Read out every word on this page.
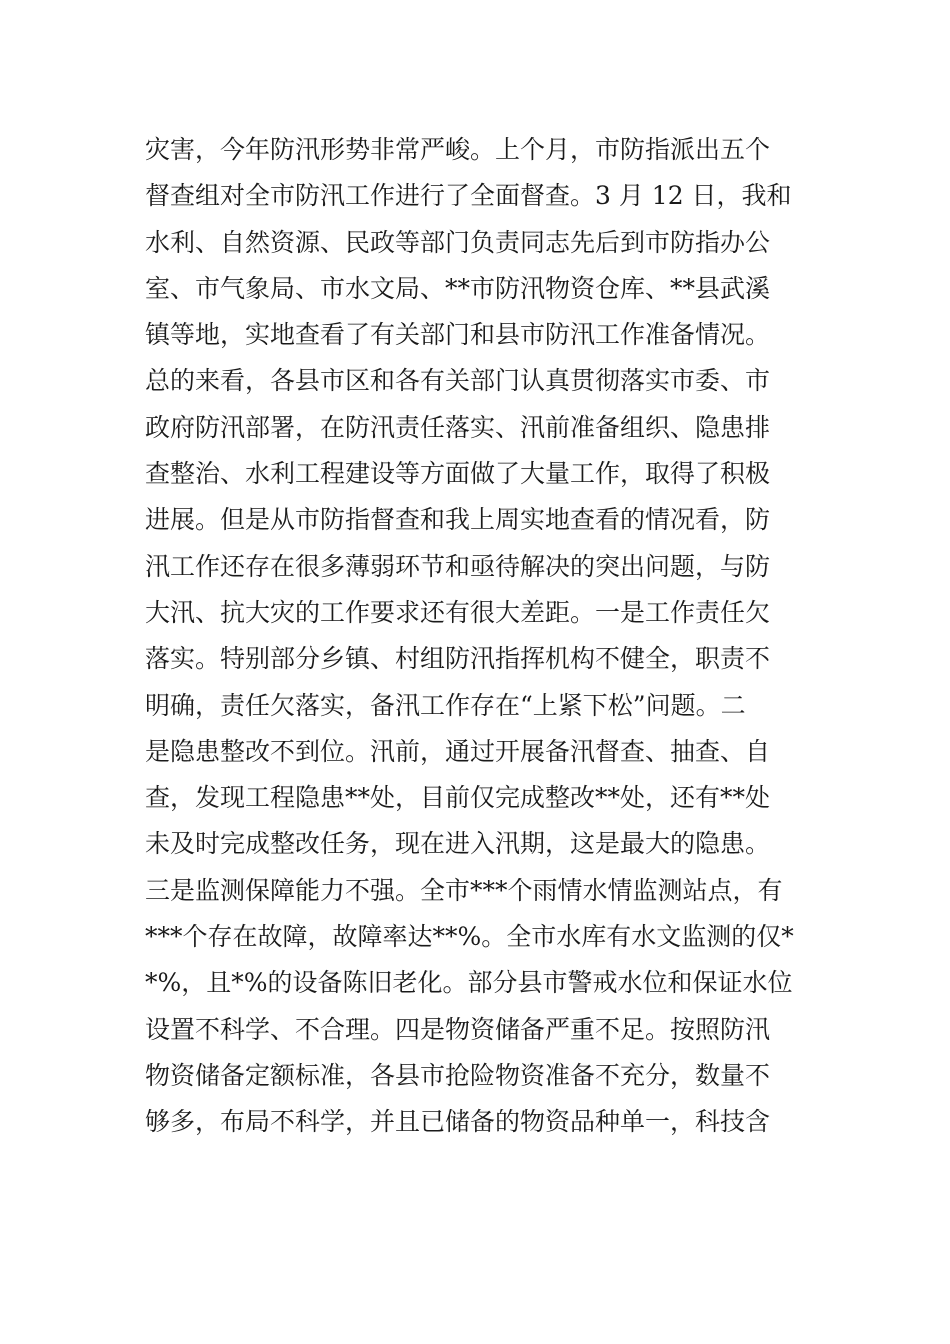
灾害，今年防汛形势非常严峻。上个月，市防指派出五个
督查组对全市防汛工作进行了全面督查。3 月 12 日，我和
水利、自然资源、民政等部门负责同志先后到市防指办公
室、市气象局、市水文局、**市防汛物资仓库、**县武溪
镇等地，实地查看了有关部门和县市防汛工作准备情况。
总的来看，各县市区和各有关部门认真贯彻落实市委、市
政府防汛部署，在防汛责任落实、汛前准备组织、隐患排
查整治、水利工程建设等方面做了大量工作，取得了积极
进展。但是从市防指督查和我上周实地查看的情况看，防
汛工作还存在很多薄弱环节和亟待解决的突出问题，与防
大汛、抗大灾的工作要求还有很大差距。一是工作责任欠
落实。特别部分乡镇、村组防汛指挥机构不健全，职责不
明确，责任欠落实，备汛工作存在“上紧下松”问题。二
是隐患整改不到位。汛前，通过开展备汛督查、抽查、自
查，发现工程隐患**处，目前仅完成整改**处，还有**处
未及时完成整改任务，现在进入汛期，这是最大的隐患。
三是监测保障能力不强。全市***个雨情水情监测站点，有
***个存在故障，故障率达**%。全市水库有水文监测的仅*
*%，且*%的设备陈旧老化。部分县市警戒水位和保证水位
设置不科学、不合理。四是物资储备严重不足。按照防汛
物资储备定额标准，各县市抢险物资准备不充分，数量不
够多，布局不科学，并且已储备的物资品种单一，科技含
